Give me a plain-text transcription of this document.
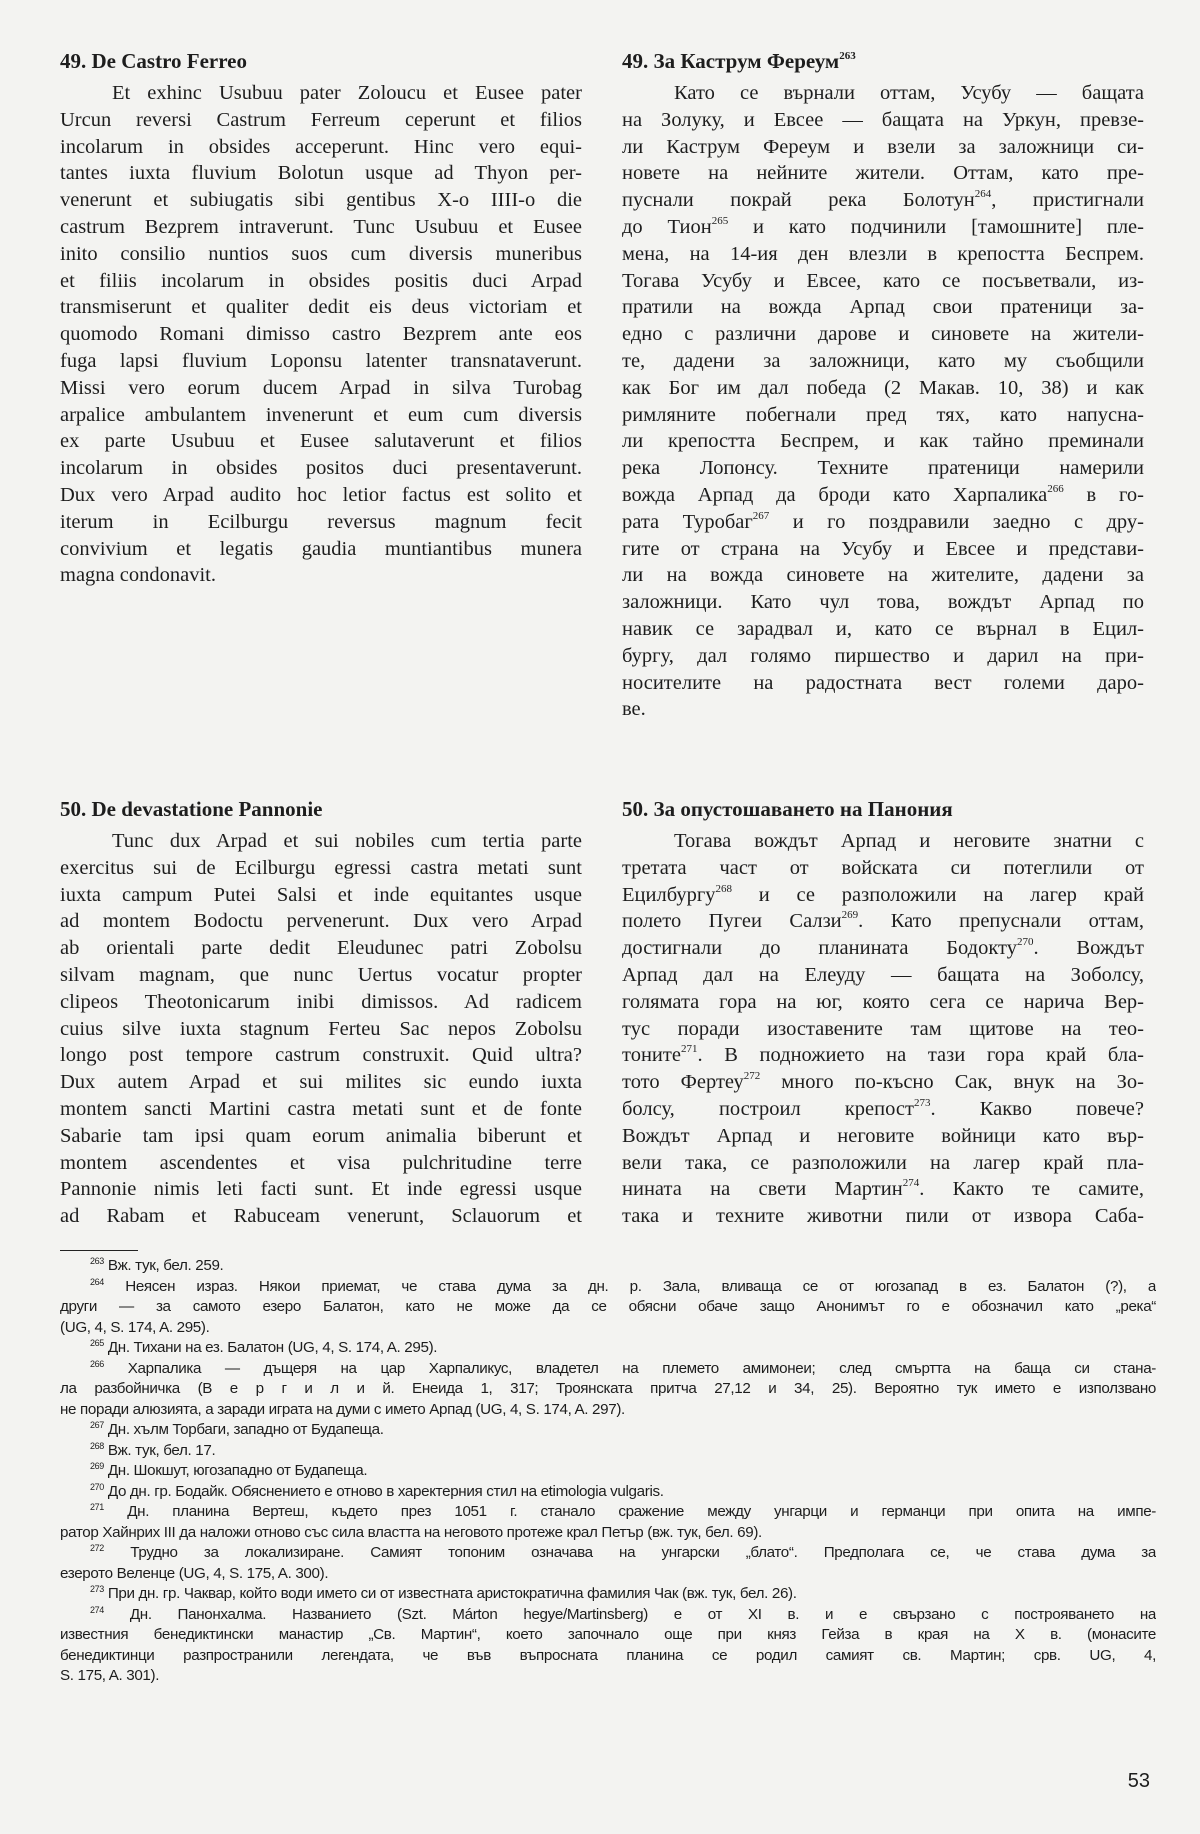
49. De Castro Ferreo
Et exhinc Usubuu pater Zoloucu et Eusee pater
Urcun reversi Castrum Ferreum ceperunt et filios
incolarum in obsides acceperunt. Hinc vero equi-
tantes iuxta fluvium Bolotun usque ad Thyon per-
venerunt et subiugatis sibi gentibus X-o IIII-o die
castrum Bezprem intraverunt. Tunc Usubuu et Eusee
inito consilio nuntios suos cum diversis muneribus
et filiis incolarum in obsides positis duci Arpad
transmiserunt et qualiter dedit eis deus victoriam et
quomodo Romani dimisso castro Bezprem ante eos
fuga lapsi fluvium Loponsu latenter transnataverunt.
Missi vero eorum ducem Arpad in silva Turobag
arpalice ambulantem invenerunt et eum cum diversis
ex parte Usubuu et Eusee salutaverunt et filios
incolarum in obsides positos duci presentaverunt.
Dux vero Arpad audito hoc letior factus est solito et
iterum in Ecilburgu reversus magnum fecit
convivium et legatis gaudia muntiantibus munera
magna condonavit.
49. За Каструм Фереум$^{263}$
Като се върнали оттам, Усубу — бащата
на Золуку, и Евсее — бащата на Уркун, превзе-
ли Каструм Фереум и взели за заложници си-
новете на нейните жители. Оттам, като пре-
пуснали покрай река Болотун$^{264}$, пристигнали
до Тион$^{265}$ и като подчинили [тамошните] пле-
мена, на 14-ия ден влезли в крепостта Беспрем.
Тогава Усубу и Евсее, като се посъветвали, из-
пратили на вожда Арпад свои пратеници за-
едно с различни дарове и синовете на жители-
те, дадени за заложници, като му съобщили
как Бог им дал победа (2 Макав. 10, 38) и как
римляните побегнали пред тях, като напусна-
ли крепостта Беспрем, и как тайно преминали
река Лопонсу. Техните пратеници намерили
вожда Арпад да броди като Харпалика$^{266}$ в го-
рата Туробаг$^{267}$ и го поздравили заедно с дру-
гите от страна на Усубу и Евсее и представи-
ли на вожда синовете на жителите, дадени за
заложници. Като чул това, вождът Арпад по
навик се зарадвал и, като се върнал в Ецил-
бургу, дал голямо пиршество и дарил на при-
носителите на радостната вест големи даро-
ве.
50. De devastatione Pannonie
Tunc dux Arpad et sui nobiles cum tertia parte
exercitus sui de Ecilburgu egressi castra metati sunt
iuxta campum Putei Salsi et inde equitantes usque
ad montem Bodoctu pervenerunt. Dux vero Arpad
ab orientali parte dedit Eleudunec patri Zobolsu
silvam magnam, que nunc Uertus vocatur propter
clipeos Theotonicarum inibi dimissos. Ad radicem
cuius silve iuxta stagnum Ferteu Sac nepos Zobolsu
longo post tempore castrum construxit. Quid ultra?
Dux autem Arpad et sui milites sic eundo iuxta
montem sancti Martini castra metati sunt et de fonte
Sabarie tam ipsi quam eorum animalia biberunt et
montem ascendentes et visa pulchritudine terre
Pannonie nimis leti facti sunt. Et inde egressi usque
ad Rabam et Rabuceam venerunt, Sclauorum et
50. За опустошаването на Панония
Тогава вождът Арпад и неговите знатни с
третата част от войската си потеглили от
Ецилбургу$^{268}$ и се разположили на лагер край
полето Пугеи Салзи$^{269}$. Като препуснали оттам,
достигнали до планината Бодокту$^{270}$. Вождът
Арпад дал на Елеуду — бащата на Зоболсу,
голямата гора на юг, която сега се нарича Вер-
тус поради изоставените там щитове на тео-
тоните$^{271}$. В подножието на тази гора край бла-
тото Фертеу$^{272}$ много по-късно Сак, внук на Зо-
болсу, построил крепост$^{273}$. Какво повече?
Вождът Арпад и неговите войници като вър-
вели така, се разположили на лагер край пла-
нината на свети Мартин$^{274}$. Както те самите,
така и техните животни пили от извора Саба-
$^{263}$ Вж. тук, бел. 259.
$^{264}$ Неясен израз. Някои приемат, че става дума за дн. р. Зала, вливаща се от югозапад в ез. Балатон (?), а
други — за самото езеро Балатон, като не може да се обясни обаче защо Анонимът го е обозначил като „река“
(UG, 4, S. 174, A. 295).
$^{265}$ Дн. Тихани на ез. Балатон (UG, 4, S. 174, A. 295).
$^{266}$ Харпалика — дъщеря на цар Харпаликус, владетел на племето амимонеи; след смъртта на баща си стана-
ла разбойничка (В е р г и л и й. Енеида 1, 317; Троянската притча 27,12 и 34, 25). Вероятно тук името е използвано
не поради алюзията, а заради играта на думи с името Арпад (UG, 4, S. 174, A. 297).
$^{267}$ Дн. хълм Торбаги, западно от Будапеща.
$^{268}$ Вж. тук, бел. 17.
$^{269}$ Дн. Шокшут, югозападно от Будапеща.
$^{270}$ До дн. гр. Бодайк. Обяснението е отново в харектерния стил на etimologia vulgaris.
$^{271}$ Дн. планина Вертеш, където през 1051 г. станало сражение между унгарци и германци при опита на импе-
ратор Хайнрих III да наложи отново със сила властта на неговото протеже крал Петър (вж. тук, бел. 69).
$^{272}$ Трудно за локализиране. Самият топоним означава на унгарски „блато“. Предполага се, че става дума за
езерото Веленце (UG, 4, S. 175, A. 300).
$^{273}$ При дн. гр. Чаквар, който води името си от известната аристократична фамилия Чак (вж. тук, бел. 26).
$^{274}$ Дн. Панонхалма. Названието (Szt. Márton hegye/Martinsberg) е от XI в. и е свързано с построяването на
известния бенедиктински манастир „Св. Мартин“, което започнало още при княз Гейза в края на Х в. (монасите
бенедиктинци разпространили легендата, че във въпросната планина се родил самият св. Мартин; срв. UG, 4,
S. 175, A. 301).
53
